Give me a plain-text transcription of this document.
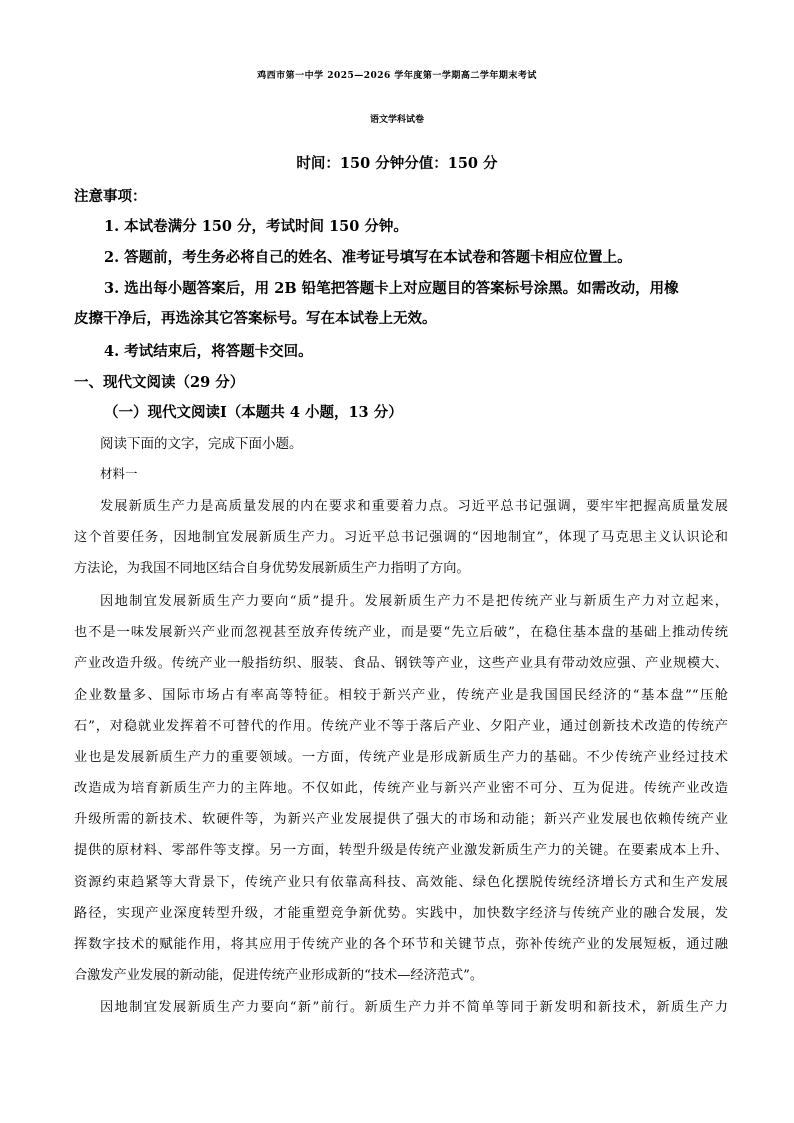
鸡西市第一中学 2025—2026 学年度第一学期高二学年期末考试
语文学科试卷
时间：150 分钟分值：150 分
注意事项：
1. 本试卷满分 150 分，考试时间 150 分钟。
2. 答题前，考生务必将自己的姓名、准考证号填写在本试卷和答题卡相应位置上。
3. 选出每小题答案后，用 2B 铅笔把答题卡上对应题目的答案标号涂黑。如需改动，用橡
皮擦干净后，再选涂其它答案标号。写在本试卷上无效。
4. 考试结束后，将答题卡交回。
一、现代文阅读（29 分）
（一）现代文阅读Ⅰ（本题共 4 小题，13 分）
阅读下面的文字，完成下面小题。
材料一
发展新质生产力是高质量发展的内在要求和重要着力点。习近平总书记强调，要牢牢把握高质量发展
这个首要任务，因地制宜发展新质生产力。习近平总书记强调的“因地制宜”，体现了马克思主义认识论和
方法论，为我国不同地区结合自身优势发展新质生产力指明了方向。
因地制宜发展新质生产力要向“质”提升。发展新质生产力不是把传统产业与新质生产力对立起来，
也不是一味发展新兴产业而忽视甚至放弃传统产业，而是要“先立后破”，在稳住基本盘的基础上推动传统
产业改造升级。传统产业一般指纺织、服装、食品、钢铁等产业，这些产业具有带动效应强、产业规模大、
企业数量多、国际市场占有率高等特征。相较于新兴产业，传统产业是我国国民经济的“基本盘”“压舱
石”，对稳就业发挥着不可替代的作用。传统产业不等于落后产业、夕阳产业，通过创新技术改造的传统产
业也是发展新质生产力的重要领域。一方面，传统产业是形成新质生产力的基础。不少传统产业经过技术
改造成为培育新质生产力的主阵地。不仅如此，传统产业与新兴产业密不可分、互为促进。传统产业改造
升级所需的新技术、软硬件等，为新兴产业发展提供了强大的市场和动能；新兴产业发展也依赖传统产业
提供的原材料、零部件等支撑。另一方面，转型升级是传统产业激发新质生产力的关键。在要素成本上升、
资源约束趋紧等大背景下，传统产业只有依靠高科技、高效能、绿色化摆脱传统经济增长方式和生产发展
路径，实现产业深度转型升级，才能重塑竞争新优势。实践中，加快数字经济与传统产业的融合发展，发
挥数字技术的赋能作用，将其应用于传统产业的各个环节和关键节点，弥补传统产业的发展短板，通过融
合激发产业发展的新动能，促进传统产业形成新的“技术—经济范式”。
因地制宜发展新质生产力要向“新”前行。新质生产力并不简单等同于新发明和新技术，新质生产力
